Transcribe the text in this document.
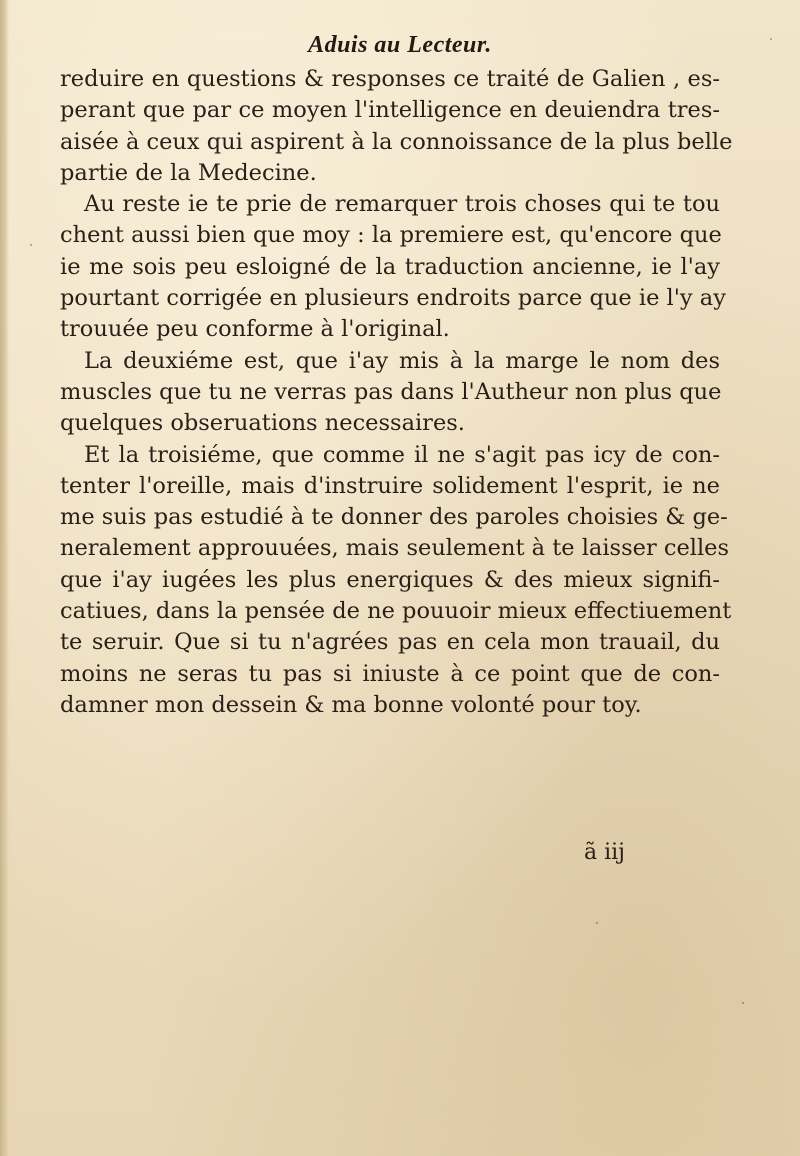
Aduis au Lecteur.
reduire en questions & responses ce traité de Galien , es-
perant que par ce moyen l'intelligence en deuiendra tres-
aisée à ceux qui aspirent à la connoissance de la plus belle
partie de la Medecine.
Au reste ie te prie de remarquer trois choses qui te tou
chent aussi bien que moy : la premiere est, qu'encore que
ie me sois peu esloigné de la traduction ancienne, ie l'ay
pourtant corrigée en plusieurs endroits parce que ie l'y ay
trouuée peu conforme à l'original.
La deuxiéme est, que i'ay mis à la marge le nom des
muscles que tu ne verras pas dans l'Autheur non plus que
quelques obseruations necessaires.
Et la troisiéme, que comme il ne s'agit pas icy de con-
tenter l'oreille, mais d'instruire solidement l'esprit, ie ne
me suis pas estudié à te donner des paroles choisies & ge-
neralement approuuées, mais seulement à te laisser celles
que i'ay iugées les plus energiques & des mieux signifi-
catiues, dans la pensée de ne pouuoir mieux effectiuement
te seruir. Que si tu n'agrées pas en cela mon trauail, du
moins ne seras tu pas si iniuste à ce point que de con-
damner mon dessein & ma bonne volonté pour toy.
ã iij
